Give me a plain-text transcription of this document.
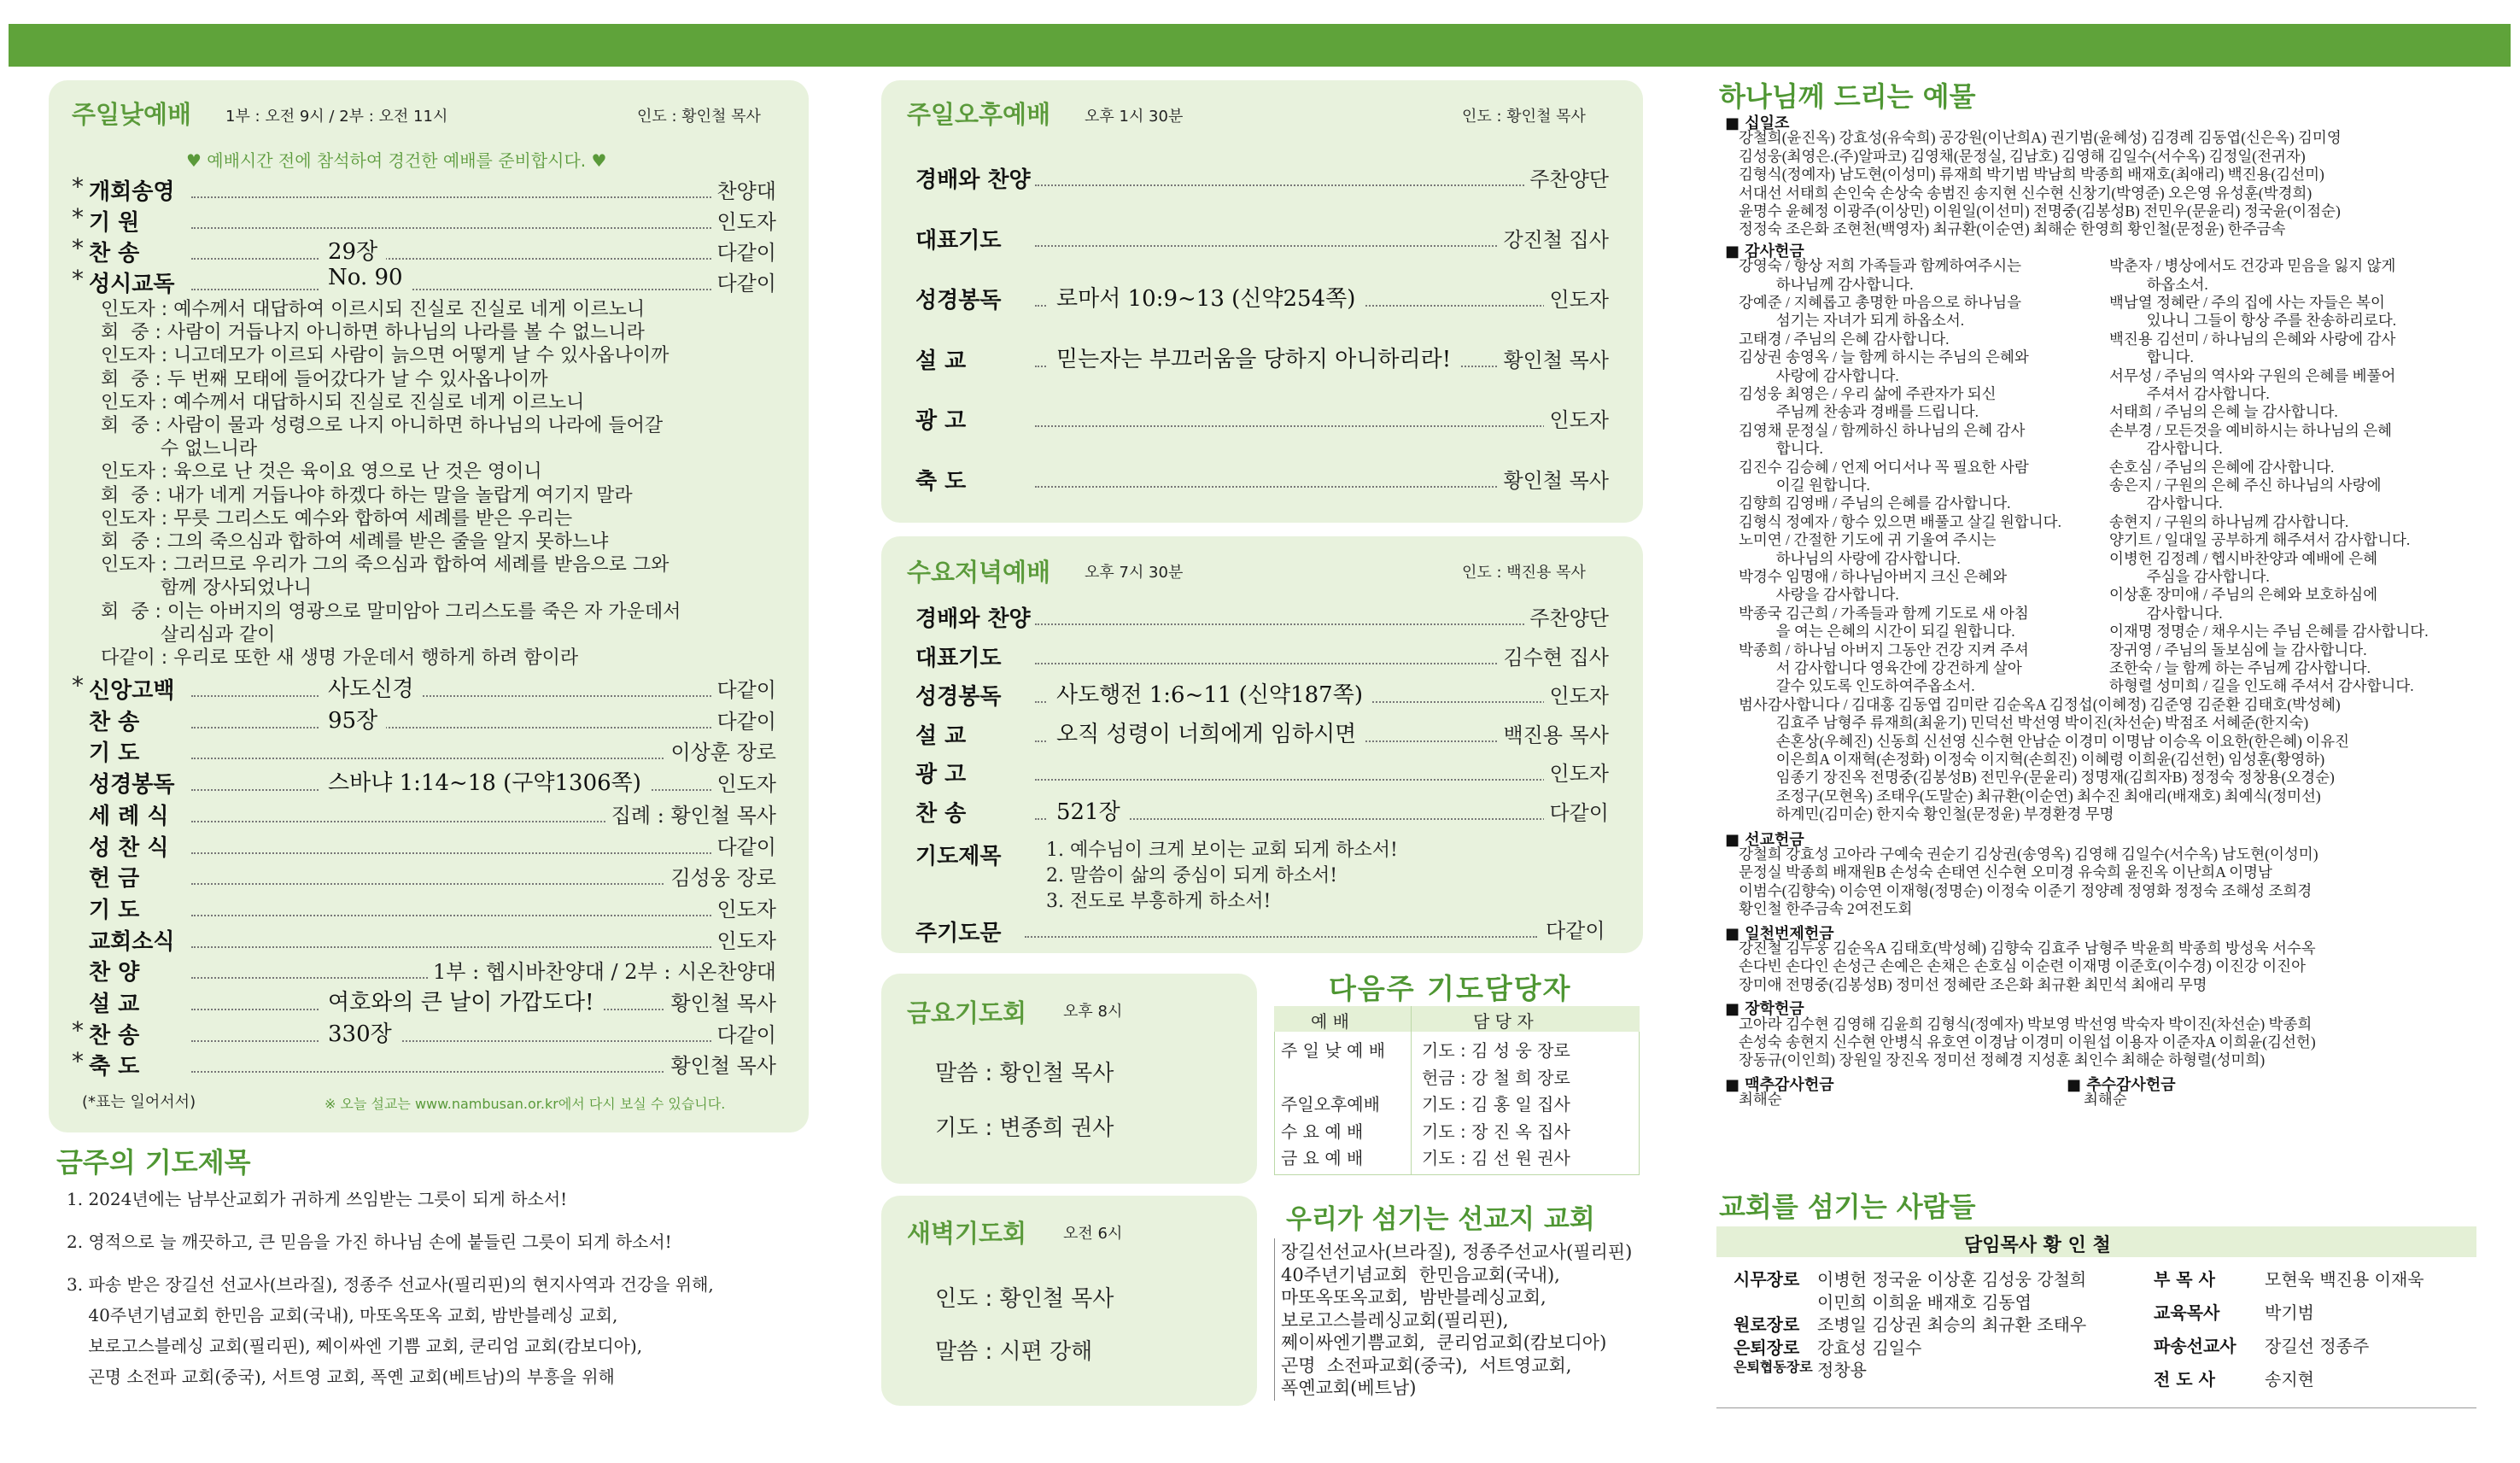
주일낮예배 1부 : 오전 9시 / 2부 : 오전 11시	인도 : 황인철 목사
♥ 예배시간 전에 참석하여 경건한 예배를 준비합시다. ♥
* 개회송영	찬양대
* 기 원	인도자
* 찬 송	29장	다같이
* 성시교독	No. 90	다같이
인도자 : 예수께서 대답하여 이르시되 진실로 진실로 네게 이르노니
회  중 : 사람이 거듭나지 아니하면 하나님의 나라를 볼 수 없느니라
인도자 : 니고데모가 이르되 사람이 늙으면 어떻게 날 수 있사옵나이까
회  중 : 두 번째 모태에 들어갔다가 날 수 있사옵나이까
인도자 : 예수께서 대답하시되 진실로 진실로 네게 이르노니
회  중 : 사람이 물과 성령으로 나지 아니하면 하나님의 나라에 들어갈
수 없느니라
인도자 : 육으로 난 것은 육이요 영으로 난 것은 영이니
회  중 : 내가 네게 거듭나야 하겠다 하는 말을 놀랍게 여기지 말라
인도자 : 무릇 그리스도 예수와 합하여 세례를 받은 우리는
회  중 : 그의 죽으심과 합하여 세례를 받은 줄을 알지 못하느냐
인도자 : 그러므로 우리가 그의 죽으심과 합하여 세례를 받음으로 그와
함께 장사되었나니
회  중 : 이는 아버지의 영광으로 말미암아 그리스도를 죽은 자 가운데서
살리심과 같이
다같이 : 우리로 또한 새 생명 가운데서 행하게 하려 함이라
* 신앙고백	사도신경	다같이
찬 송	95장	다같이
기 도	이상훈 장로
성경봉독	스바냐 1:14~18 (구약1306쪽)	인도자
세 례 식	집례 : 황인철 목사
성 찬 식	다같이
헌 금	김성웅 장로
기 도	인도자
교회소식	인도자
찬 양	1부 : 헵시바찬양대 / 2부 : 시온찬양대
설 교	여호와의 큰 날이 가깝도다!	황인철 목사
* 찬 송	330장	다같이
* 축 도	황인철 목사
(*표는 일어서서)	※ 오늘 설교는 www.nambusan.or.kr에서 다시 보실 수 있습니다.
금주의 기도제목
1. 2024년에는 남부산교회가 귀하게 쓰임받는 그릇이 되게 하소서!
2. 영적으로 늘 깨끗하고, 큰 믿음을 가진 하나님 손에 붙들린 그릇이 되게 하소서!
3. 파송 받은 장길선 선교사(브라질), 정종주 선교사(필리핀)의 현지사역과 건강을 위해,
40주년기념교회 한민음 교회(국내), 마또옥또옥 교회, 밤반블레싱 교회,
보로고스블레싱 교회(필리핀), 쩨이싸엔 기쁨 교회, 쿤리엄 교회(캄보디아),
곤명 소전파 교회(중국), 서트영 교회, 폭옌 교회(베트남)의 부흥을 위해
주일오후예배 오후 1시 30분	인도 : 황인철 목사
경배와 찬양	주찬양단
대표기도	강진철 집사
성경봉독	로마서 10:9~13 (신약254쪽)	인도자
설 교	믿는자는 부끄러움을 당하지 아니하리라!	황인철 목사
광 고	인도자
축 도	황인철 목사
수요저녁예배 오후 7시 30분	인도 : 백진용 목사
경배와 찬양	주찬양단
대표기도	김수현 집사
성경봉독	사도행전 1:6~11 (신약187쪽)	인도자
설 교	오직 성령이 너희에게 임하시면	백진용 목사
광 고	인도자
찬 송	521장	다같이
기도제목 1. 예수님이 크게 보이는 교회 되게 하소서!
2. 말씀이 삶의 중심이 되게 하소서!
3. 전도로 부흥하게 하소서!
주기도문	다같이
금요기도회 오후 8시
말씀 : 황인철 목사
기도 : 변종희 권사
새벽기도회 오전 6시
인도 : 황인철 목사
말씀 : 시편 강해
다음주 기도담당자
예 배	담 당 자
주 일 낮 예 배 기도 : 김 성 웅 장로
헌금 : 강 철 희 장로
주일오후예배 기도 : 김 홍 일 집사
수 요 예 배	기도 : 장 진 옥 집사
금 요 예 배	기도 : 김 선 원 권사
우리가 섬기는 선교지 교회
장길선선교사(브라질), 정종주선교사(필리핀)
40주년기념교회  한민음교회(국내),
마또옥또옥교회,  밤반블레싱교회,
보로고스블레싱교회(필리핀),
쩨이싸엔기쁨교회,  쿤리엄교회(캄보디아)
곤명  소전파교회(중국),  서트영교회,
폭옌교회(베트남)
하나님께 드리는 예물
■ 십일조
강철희(윤진옥) 강효성(유숙희) 공강원(이난희A) 권기범(윤혜성) 김경례 김동엽(신은옥) 김미영
김성웅(최영은.(주)알파코) 김영채(문정실, 김남호) 김영해 김일수(서수옥) 김정일(전귀자)
김형식(정예자) 남도현(이성미) 류재희 박기범 박남희 박종희 배재호(최애리) 백진용(김선미)
서대선 서태희 손인숙 손상숙 송범진 송지현 신수현 신창기(박영준) 오은영 유성훈(박경희)
윤명수 윤혜정 이광주(이상민) 이원일(이선미) 전명중(김봉성B) 전민우(문윤리) 정국윤(이점순)
정정숙 조은화 조현천(백영자) 최규환(이순연) 최해순 한영희 황인철(문정윤) 한주금속
■ 감사헌금
강영숙 / 항상 저희 가족들과 함께하여주시는
하나님께 감사합니다.
강예준 / 지혜롭고 총명한 마음으로 하나님을
섬기는 자녀가 되게 하옵소서.
고태경 / 주님의 은혜 감사합니다.
김상권 송영옥 / 늘 함께 하시는 주님의 은혜와
사랑에 감사합니다.
김성웅 최영은 / 우리 삶에 주관자가 되신
주님께 찬송과 경배를 드립니다.
김영채 문정실 / 함께하신 하나님의 은혜 감사
합니다.
김진수 김승혜 / 언제 어디서나 꼭 필요한 사람
이길 원합니다.
김향희 김영배 / 주님의 은혜를 감사합니다.
김형식 정예자 / 항수 있으면 배풀고 살길 원합니다.
노미연 / 간절한 기도에 귀 기울여 주시는
하나님의 사랑에 감사합니다.
박경수 임명애 / 하나님아버지 크신 은혜와
사랑을 감사합니다.
박종국 김근희 / 가족들과 함께 기도로 새 아침
을 여는 은혜의 시간이 되길 원합니다.
박종희 / 하나님 아버지 그동안 건강 지켜 주셔
서 감사합니다 영육간에 강건하게 살아
갈수 있도록 인도하여주옵소서.
박춘자 / 병상에서도 건강과 믿음을 잃지 않게
하옵소서.
백남열 정혜란 / 주의 집에 사는 자들은 복이
있나니 그들이 항상 주를 찬송하리로다.
백진용 김선미 / 하나님의 은혜와 사랑에 감사
합니다.
서무성 / 주님의 역사와 구원의 은혜를 베풀어
주셔서 감사합니다.
서태희 / 주님의 은혜 늘 감사합니다.
손부경 / 모든것을 예비하시는 하나님의 은혜
감사합니다.
손호심 / 주님의 은혜에 감사합니다.
송은지 / 구원의 은혜 주신 하나님의 사랑에
감사합니다.
송현지 / 구원의 하나님께 감사합니다.
양기트 / 일대일 공부하게 해주셔서 감사합니다.
이병헌 김정례 / 헵시바찬양과 예배에 은혜
주심을 감사합니다.
이상훈 장미애 / 주님의 은혜와 보호하심에
감사합니다.
이재명 정명순 / 채우시는 주님 은혜를 감사합니다.
장귀영 / 주님의 돌보심에 늘 감사합니다.
조한숙 / 늘 함께 하는 주님께 감사합니다.
하형렬 성미희 / 길을 인도해 주셔서 감사합니다.
범사감사합니다 / 김대홍 김동엽 김미란 김순옥A 김정섭(이혜정) 김준영 김준환 김태호(박성혜)
김효주 남형주 류재희(최윤기) 민덕선 박선영 박이진(차선순) 박점조 서혜준(한지숙)
손혼상(우혜진) 신동희 신선영 신수현 안남순 이경미 이명남 이승옥 이요한(한은혜) 이유진
이은희A 이재혁(손정화) 이정숙 이지혁(손희진) 이혜령 이희윤(김선헌) 임성훈(황영하)
임종기 장진옥 전명중(김봉성B) 전민우(문윤리) 정명재(김희자B) 정정숙 정창용(오경순)
조정구(모현옥) 조태우(도말순) 최규환(이순연) 최수진 최애리(배재호) 최예식(정미선)
하계민(김미순) 한지숙 황인철(문정윤) 부경환경 무명
■ 선교헌금
강철희 강효성 고아라 구예숙 권순기 김상권(송영옥) 김영해 김일수(서수옥) 남도현(이성미)
문정실 박종희 배재원B 손성숙 손태연 신수현 오미경 유숙희 윤진옥 이난희A 이명남
이범수(김향숙) 이승연 이재형(정명순) 이정숙 이준기 정양례 정영화 정정숙 조해성 조희경
황인철 한주금속 2여전도회
■ 일천번제헌금
강진철 김두웅 김순옥A 김태호(박성혜) 김향숙 김효주 남형주 박윤희 박종희 방성욱 서수옥
손다빈 손다인 손성근 손예은 손채은 손호심 이순련 이재명 이준호(이수경) 이진강 이진아
장미애 전명중(김봉성B) 정미선 정혜란 조은화 최규환 최민석 최애리 무명
■ 장학헌금
고아라 김수현 김영해 김윤희 김형식(정예자) 박보영 박선영 박숙자 박이진(차선순) 박종희
손성숙 송현지 신수현 안병식 유호연 이경남 이경미 이원섭 이용자 이준자A 이희윤(김선헌)
장동규(이인희) 장원일 장진옥 정미선 정혜경 지성훈 최인수 최해순 하형렬(성미희)
■ 맥추감사헌금	■ 추수감사헌금
최해순	최해순
교회를 섬기는 사람들
담임목사 황 인 철
시무장로 이병헌 정국윤 이상훈 김성웅 강철희
이민희 이희윤 배재호 김동엽
원로장로 조병일 김상권 최승의 최규환 조태우
은퇴장로 강효성 김일수
은퇴협동장로 정창용
부 목 사	모현욱 백진용 이재욱
교육목사	박기범
파송선교사 장길선 정종주
전 도 사	송지현
